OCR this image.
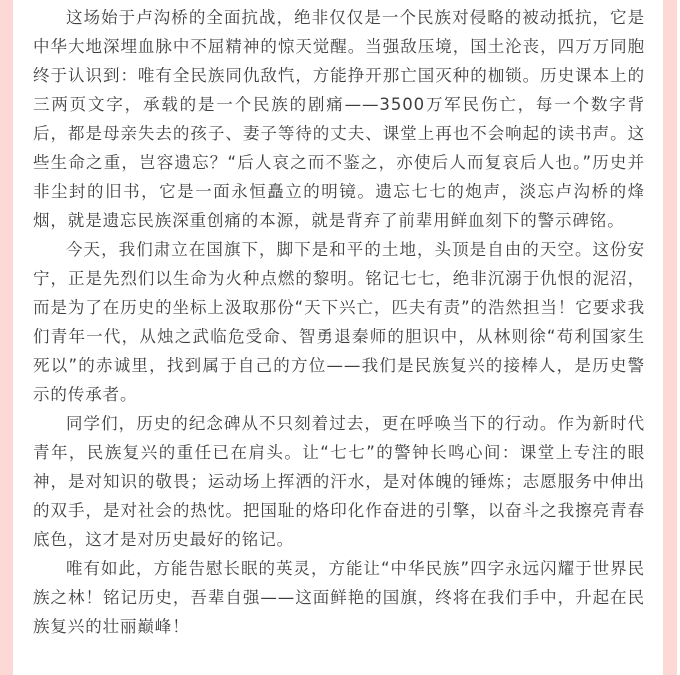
这场始于卢沟桥的全面抗战，绝非仅仅是一个民族对侵略的被动抵抗，它是中华大地深埋血脉中不屈精神的惊天觉醒。当强敌压境，国土沦丧，四万万同胞终于认识到：唯有全民族同仇敌忾，方能挣开那亡国灭种的枷锁。历史课本上的三两页文字，承载的是一个民族的剧痛——3500万军民伤亡，每一个数字背后，都是母亲失去的孩子、妻子等待的丈夫、课堂上再也不会响起的读书声。这些生命之重，岂容遗忘？“后人哀之而不鉴之，亦使后人而复哀后人也。”历史并非尘封的旧书，它是一面永恒矗立的明镜。遗忘七七的炮声，淡忘卢沟桥的烽烟，就是遗忘民族深重创痛的本源，就是背弃了前辈用鲜血刻下的警示碑铭。

今天，我们肃立在国旗下，脚下是和平的土地，头顶是自由的天空。这份安宁，正是先烈们以生命为火种点燃的黎明。铭记七七，绝非沉溺于仇恨的泥沼，而是为了在历史的坐标上汲取那份“天下兴亡，匹夫有责”的浩然担当！它要求我们青年一代，从烛之武临危受命、智勇退秦师的胆识中，从林则徐“苟利国家生死以”的赤诚里，找到属于自己的方位——我们是民族复兴的接棒人，是历史警示的传承者。

同学们，历史的纪念碑从不只刻着过去，更在呼唤当下的行动。作为新时代青年，民族复兴的重任已在肩头。让“七七”的警钟长鸣心间：课堂上专注的眼神，是对知识的敬畏；运动场上挥洒的汗水，是对体魄的锤炼；志愿服务中伸出的双手，是对社会的热忱。把国耻的烙印化作奋进的引擎，以奋斗之我擦亮青春底色，这才是对历史最好的铭记。

唯有如此，方能告慰长眠的英灵，方能让“中华民族”四字永远闪耀于世界民族之林！铭记历史，吾辈自强——这面鲜艳的国旗，终将在我们手中，升起在民族复兴的壮丽巅峰！
